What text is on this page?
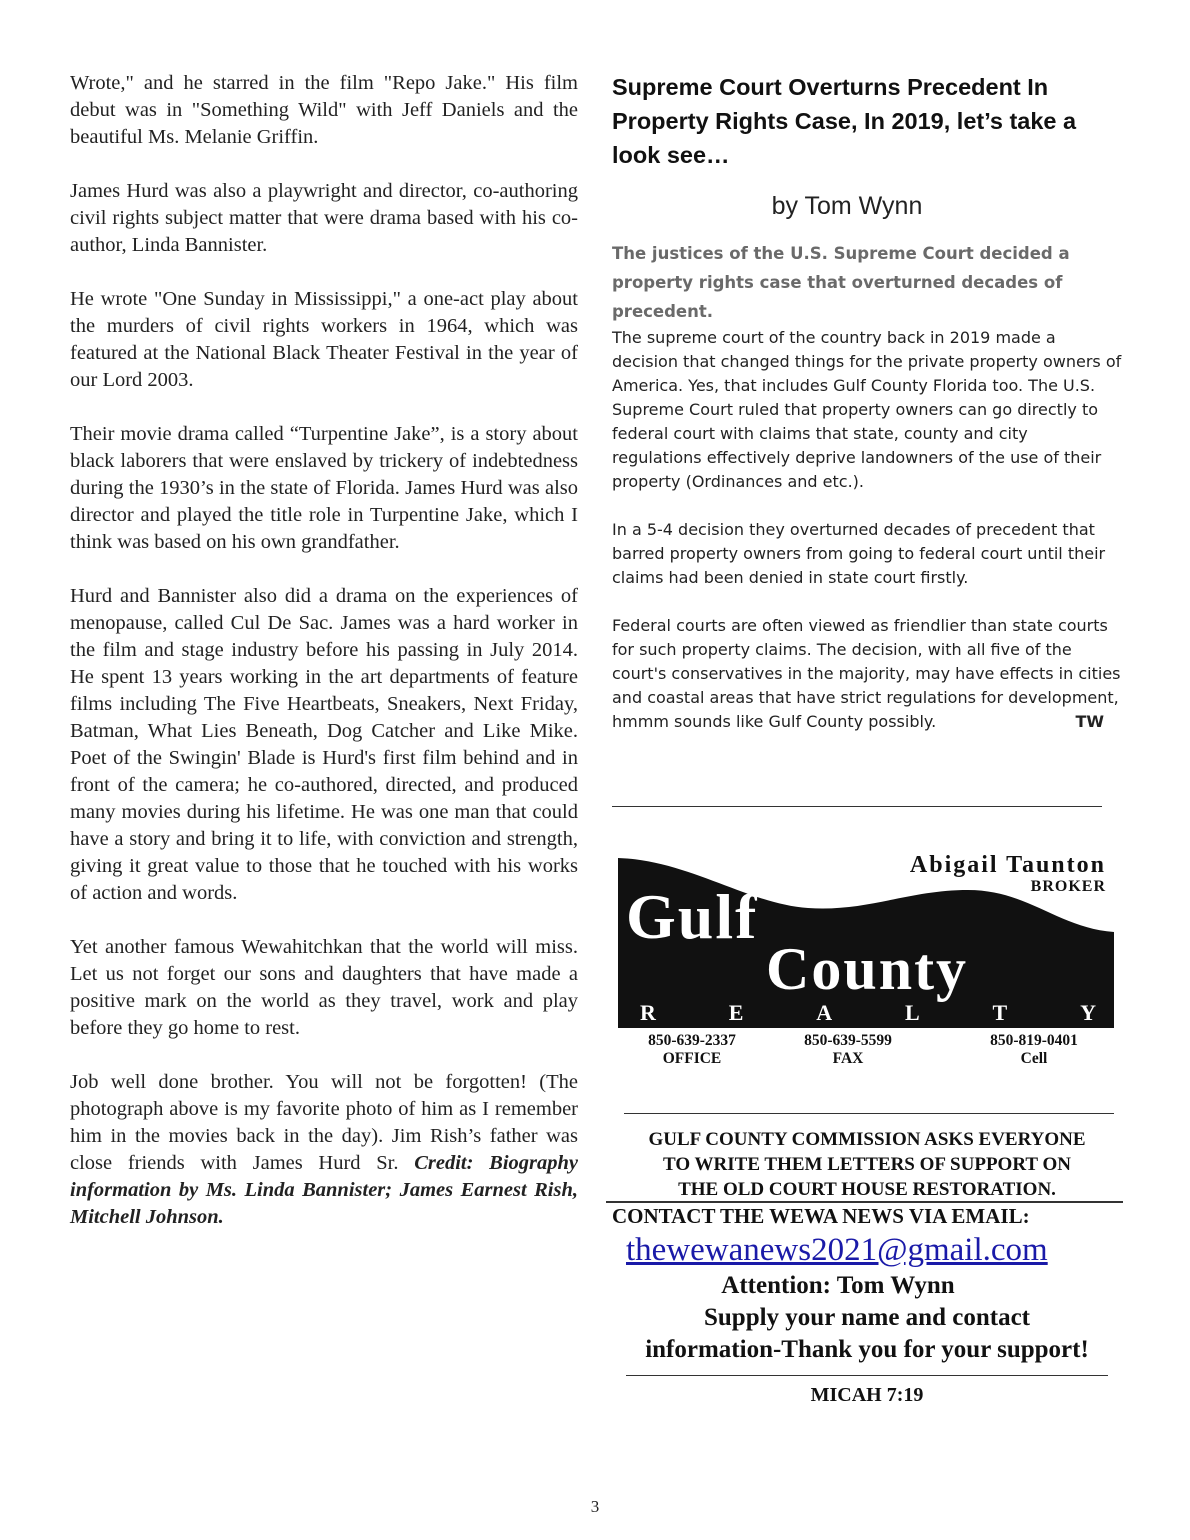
Wrote," and he starred in the film "Repo Jake." His film debut was in "Something Wild" with Jeff Daniels and the beautiful Ms. Melanie Griffin.

James Hurd was also a playwright and director, co-authoring civil rights subject matter that were drama based with his co-author, Linda Bannister.

He wrote "One Sunday in Mississippi," a one-act play about the murders of civil rights workers in 1964, which was featured at the National Black Theater Festival in the year of our Lord 2003.

Their movie drama called “Turpentine Jake”, is a story about black laborers that were enslaved by trickery of indebtedness during the 1930’s in the state of Florida. James Hurd was also director and played the title role in Turpentine Jake, which I think was based on his own grandfather.

Hurd and Bannister also did a drama on the experiences of menopause, called Cul De Sac. James was a hard worker in the film and stage industry before his passing in July 2014. He spent 13 years working in the art departments of feature films including The Five Heartbeats, Sneakers, Next Friday, Batman, What Lies Beneath, Dog Catcher and Like Mike. Poet of the Swingin' Blade is Hurd's first film behind and in front of the camera; he co-authored, directed, and produced many movies during his lifetime. He was one man that could have a story and bring it to life, with conviction and strength, giving it great value to those that he touched with his works of action and words.

Yet another famous Wewahitchkan that the world will miss. Let us not forget our sons and daughters that have made a positive mark on the world as they travel, work and play before they go home to rest.

Job well done brother. You will not be forgotten! (The photograph above is my favorite photo of him as I remember him in the movies back in the day). Jim Rish’s father was close friends with James Hurd Sr. Credit: Biography information by Ms. Linda Bannister; James Earnest Rish, Mitchell Johnson.

Supreme Court Overturns Precedent In Property Rights Case, In 2019, let’s take a look see…
by Tom Wynn

The justices of the U.S. Supreme Court decided a property rights case that overturned decades of precedent.

The supreme court of the country back in 2019 made a decision that changed things for the private property owners of America. Yes, that includes Gulf County Florida too. The U.S. Supreme Court ruled that property owners can go directly to federal court with claims that state, county and city regulations effectively deprive landowners of the use of their property (Ordinances and etc.).

In a 5-4 decision they overturned decades of precedent that barred property owners from going to federal court until their claims had been denied in state court firstly.

Federal courts are often viewed as friendlier than state courts for such property claims. The decision, with all five of the court's conservatives in the majority, may have effects in cities and coastal areas that have strict regulations for development, hmmm sounds like Gulf County possibly.	TW

Abigail Taunton
BROKER
Gulf
County
R	E	A	L	T	Y
850-639-2337
OFFICE
850-639-5599
FAX
850-819-0401
Cell
GULF COUNTY COMMISSION ASKS EVERYONE
TO WRITE THEM LETTERS OF SUPPORT ON
THE OLD COURT HOUSE RESTORATION.
CONTACT THE WEWA NEWS VIA EMAIL:
thewewanews2021@gmail.com
Attention: Tom Wynn
Supply your name and contact
information-Thank you for your support!
MICAH 7:19
3
